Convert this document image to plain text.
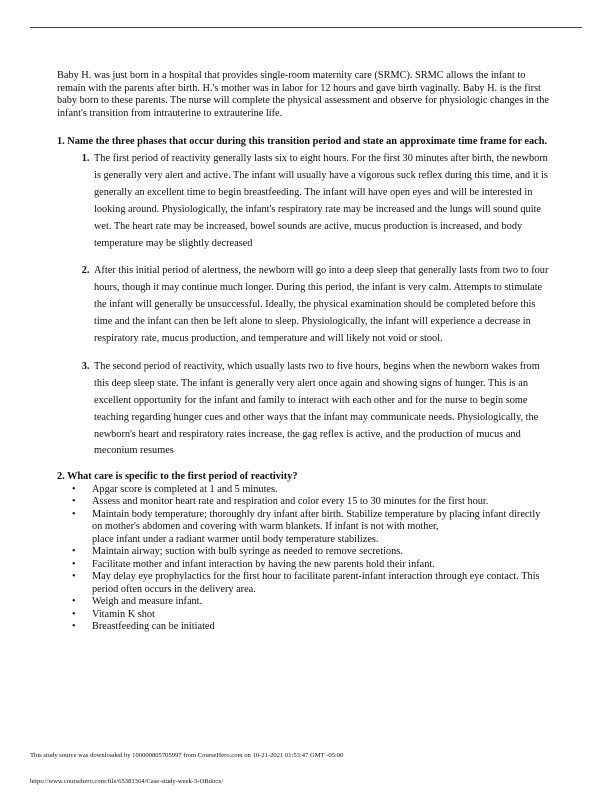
Baby H. was just born in a hospital that provides single-room maternity care (SRMC). SRMC allows the infant to remain with the parents after birth. H.'s mother was in labor for 12 hours and gave birth vaginally. Baby H. is the first baby born to these parents. The nurse will complete the physical assessment and observe for physiologic changes in the infant's transition from intrauterine to extrauterine life.

1. Name the three phases that occur during this transition period and state an approximate time frame for each.

1. The first period of reactivity generally lasts six to eight hours. For the first 30 minutes after birth, the newborn is generally very alert and active. The infant will usually have a vigorous suck reflex during this time, and it is generally an excellent time to begin breastfeeding. The infant will have open eyes and will be interested in looking around. Physiologically, the infant's respiratory rate may be increased and the lungs will sound quite wet. The heart rate may be increased, bowel sounds are active, mucus production is increased, and body temperature may be slightly decreased
2. After this initial period of alertness, the newborn will go into a deep sleep that generally lasts from two to four hours, though it may continue much longer. During this period, the infant is very calm. Attempts to stimulate the infant will generally be unsuccessful. Ideally, the physical examination should be completed before this time and the infant can then be left alone to sleep. Physiologically, the infant will experience a decrease in respiratory rate, mucus production, and temperature and will likely not void or stool.
3. The second period of reactivity, which usually lasts two to five hours, begins when the newborn wakes from this deep sleep state. The infant is generally very alert once again and showing signs of hunger. This is an excellent opportunity for the infant and family to interact with each other and for the nurse to begin some teaching regarding hunger cues and other ways that the infant may communicate needs. Physiologically, the newborn's heart and respiratory rates increase, the gag reflex is active, and the production of mucus and meconium resumes

2. What care is specific to the first period of reactivity?

• Apgar score is completed at 1 and 5 minutes.
• Assess and monitor heart rate and respiration and color every 15 to 30 minutes for the first hour.
• Maintain body temperature; thoroughly dry infant after birth. Stabilize temperature by placing infant directly on mother's abdomen and covering with warm blankets. If infant is not with mother,
place infant under a radiant warmer until body temperature stabilizes.
• Maintain airway; suction with bulb syringe as needed to remove secretions.
• Facilitate mother and infant interaction by having the new parents hold their infant.
• May delay eye prophylactics for the first hour to facilitate parent-infant interaction through eye contact. This period often occurs in the delivery area.
• Weigh and measure infant.
• Vitamin K shot
• Breastfeeding can be initiated
This study source was downloaded by 100000805705997 from CourseHero.com on 10-21-2021 01:53:47 GMT -05:00
https://www.coursehero.com/file/65381364/Case-study-week-3-OBdocx/
